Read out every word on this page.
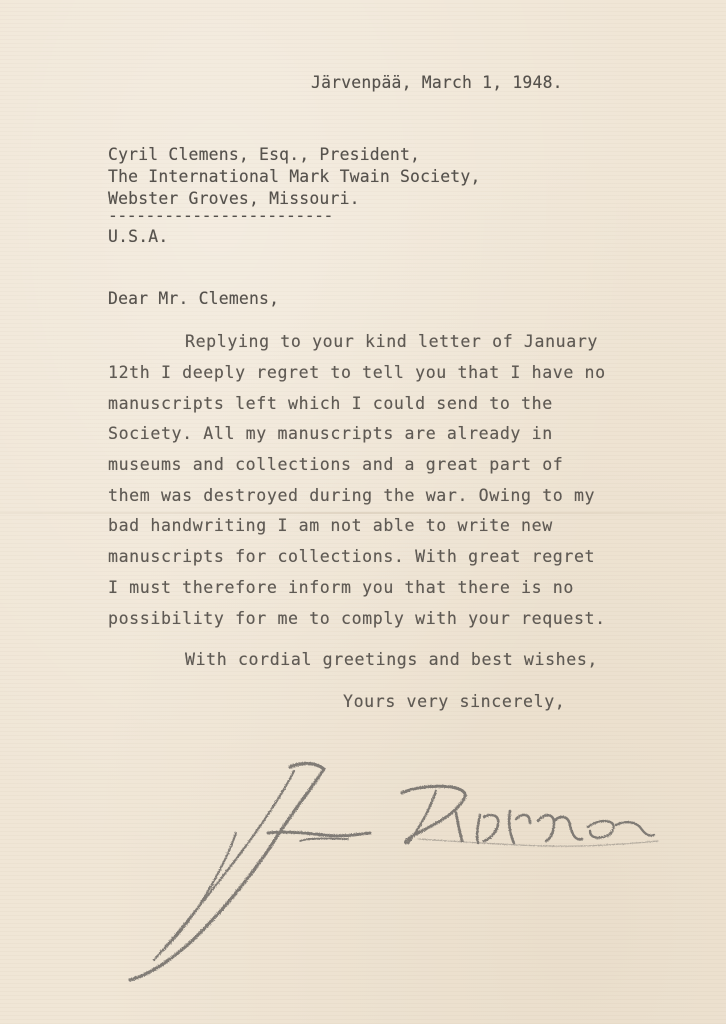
Järvenpää, March 1, 1948.
Cyril Clemens, Esq., President,
The International Mark Twain Society,
Webster Groves, Missouri.
------------------------
U.S.A.
Dear Mr. Clemens,
Replying to your kind letter of January
12th I deeply regret to tell you that I have no
manuscripts left which I could send to the
Society. All my manuscripts are already in
museums and collections and a great part of
them was destroyed during the war. Owing to my
bad handwriting I am not able to write new
manuscripts for collections. With great regret
I must therefore inform you that there is no
possibility for me to comply with your request.
With cordial greetings and best wishes,
Yours very sincerely,
